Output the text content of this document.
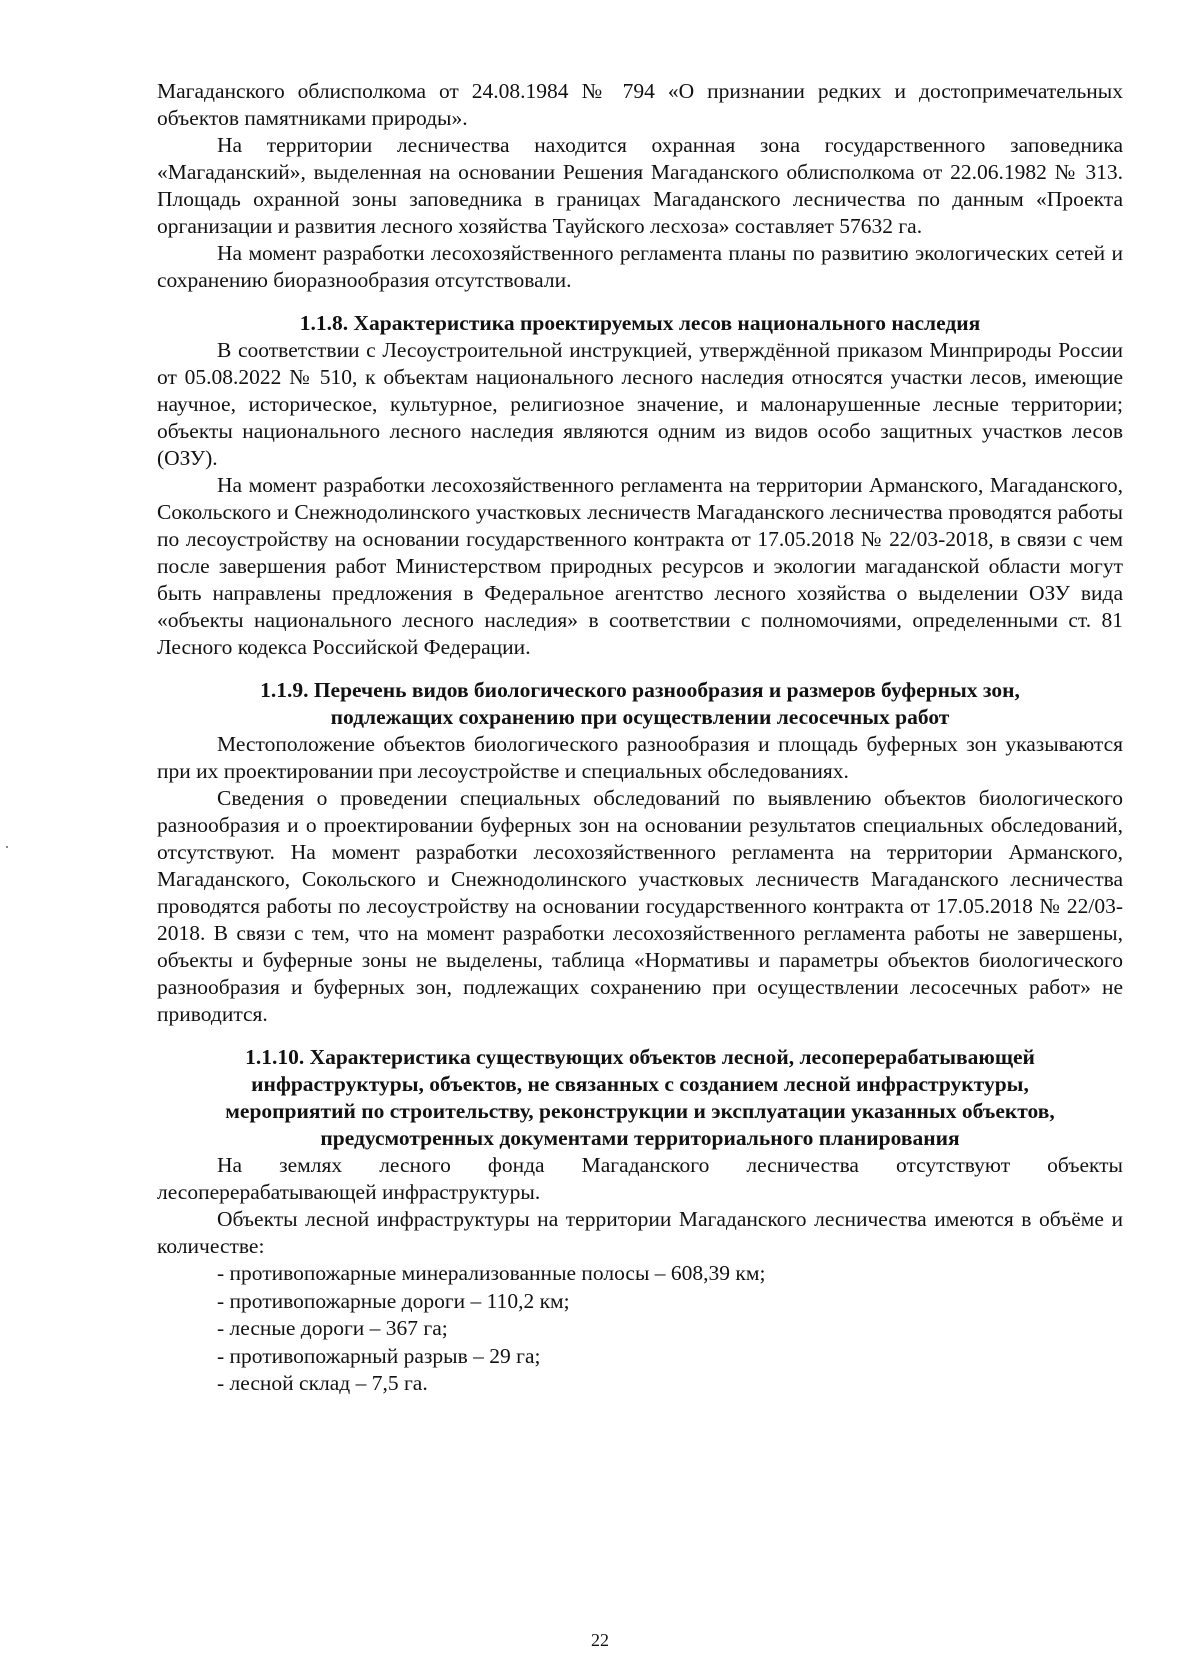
Магаданского облисполкома от 24.08.1984 № 794 «О признании редких и достопримечательных объектов памятниками природы».

На территории лесничества находится охранная зона государственного заповедника «Магаданский», выделенная на основании Решения Магаданского облисполкома от 22.06.1982 № 313. Площадь охранной зоны заповедника в границах Магаданского лесничества по данным «Проекта организации и развития лесного хозяйства Тауйского лесхоза» составляет 57632 га.

На момент разработки лесохозяйственного регламента планы по развитию экологических сетей и сохранению биоразнообразия отсутствовали.

1.1.8. Характеристика проектируемых лесов национального наследия

В соответствии с Лесоустроительной инструкцией, утверждённой приказом Минприроды России от 05.08.2022 № 510, к объектам национального лесного наследия относятся участки лесов, имеющие научное, историческое, культурное, религиозное значение, и малонарушенные лесные территории; объекты национального лесного наследия являются одним из видов особо защитных участков лесов (ОЗУ).

На момент разработки лесохозяйственного регламента на территории Арманского, Магаданского, Сокольского и Снежнодолинского участковых лесничеств Магаданского лесничества проводятся работы по лесоустройству на основании государственного контракта от 17.05.2018 № 22/03-2018, в связи с чем после завершения работ Министерством природных ресурсов и экологии магаданской области могут быть направлены предложения в Федеральное агентство лесного хозяйства о выделении ОЗУ вида «объекты национального лесного наследия» в соответствии с полномочиями, определенными ст. 81 Лесного кодекса Российской Федерации.

1.1.9. Перечень видов биологического разнообразия и размеров буферных зон,
подлежащих сохранению при осуществлении лесосечных работ

Местоположение объектов биологического разнообразия и площадь буферных зон указываются при их проектировании при лесоустройстве и специальных обследованиях.

Сведения о проведении специальных обследований по выявлению объектов биологического разнообразия и о проектировании буферных зон на основании результатов специальных обследований, отсутствуют. На момент разработки лесохозяйственного регламента на территории Арманского, Магаданского, Сокольского и Снежнодолинского участковых лесничеств Магаданского лесничества проводятся работы по лесоустройству на основании государственного контракта от 17.05.2018 № 22/03-2018. В связи с тем, что на момент разработки лесохозяйственного регламента работы не завершены, объекты и буферные зоны не выделены, таблица «Нормативы и параметры объектов биологического разнообразия и буферных зон, подлежащих сохранению при осуществлении лесосечных работ» не приводится.

1.1.10. Характеристика существующих объектов лесной, лесоперерабатывающей
инфраструктуры, объектов, не связанных с созданием лесной инфраструктуры,
мероприятий по строительству, реконструкции и эксплуатации указанных объектов,
предусмотренных документами территориального планирования

На землях лесного фонда Магаданского лесничества отсутствуют объекты лесоперерабатывающей инфраструктуры.

Объекты лесной инфраструктуры на территории Магаданского лесничества имеются в объёме и количестве:

- противопожарные минерализованные полосы – 608,39 км;
- противопожарные дороги – 110,2 км;
- лесные дороги – 367 га;
- противопожарный разрыв – 29 га;
- лесной склад – 7,5 га.
22
